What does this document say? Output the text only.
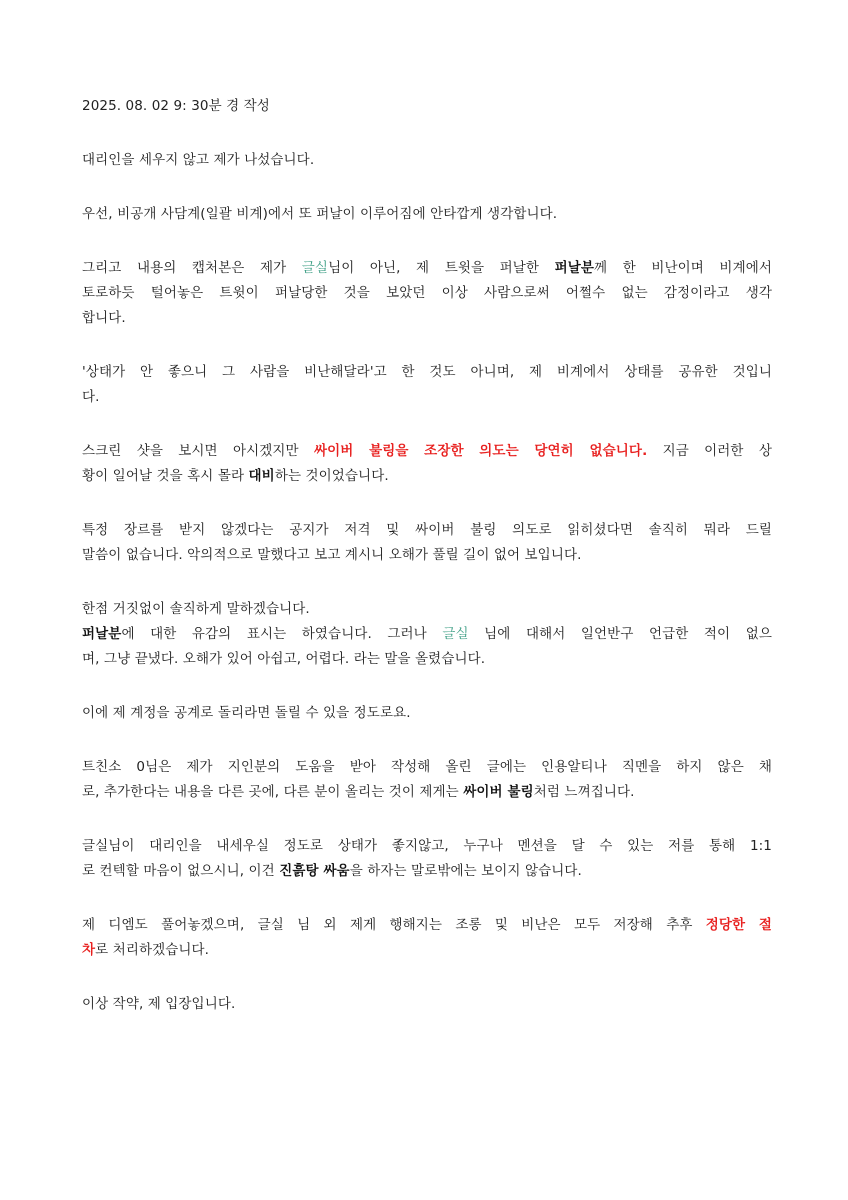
2025. 08. 02 9: 30분 경 작성
대리인을 세우지 않고 제가 나섰습니다.
우선, 비공개 사담계(일괄 비계)에서 또 퍼날이 이루어짐에 안타깝게 생각합니다.
그리고 내용의 캡처본은 제가 글실님이 아닌, 제 트윗을 퍼날한 퍼날분께 한 비난이며 비계에서
토로하듯 털어놓은 트윗이 퍼날당한 것을 보았던 이상 사람으로써 어쩔수 없는 감정이라고 생각
합니다.
'상태가 안 좋으니 그 사람을 비난해달라'고 한 것도 아니며, 제 비계에서 상태를 공유한 것입니
다.
스크린 샷을 보시면 아시겠지만 싸이버 불링을 조장한 의도는 당연히 없습니다. 지금 이러한 상
황이 일어날 것을 혹시 몰라 대비하는 것이었습니다.
특정 장르를 받지 않겠다는 공지가 저격 및 싸이버 불링 의도로 읽히셨다면 솔직히 뭐라 드릴
말씀이 없습니다. 악의적으로 말했다고 보고 계시니 오해가 풀릴 길이 없어 보입니다.
한점 거짓없이 솔직하게 말하겠습니다.
퍼날분에 대한 유감의 표시는 하였습니다. 그러나 글실 님에 대해서 일언반구 언급한 적이 없으
며, 그냥 끝냈다. 오해가 있어 아쉽고, 어렵다. 라는 말을 올렸습니다.
이에 제 계정을 공계로 돌리라면 돌릴 수 있을 정도로요.
트친소 0님은 제가 지인분의 도움을 받아 작성해 올린 글에는 인용알티나 직멘을 하지 않은 채
로, 추가한다는 내용을 다른 곳에, 다른 분이 올리는 것이 제게는 싸이버 불링처럼 느껴집니다.
글실님이 대리인을 내세우실 정도로 상태가 좋지않고, 누구나 멘션을 달 수 있는 저를 통해 1:1
로 컨텍할 마음이 없으시니, 이건 진흙탕 싸움을 하자는 말로밖에는 보이지 않습니다.
제 디엠도 풀어놓겠으며, 글실 님 외 제게 행해지는 조롱 및 비난은 모두 저장해 추후 정당한 절
차로 처리하겠습니다.
이상 작약, 제 입장입니다.
